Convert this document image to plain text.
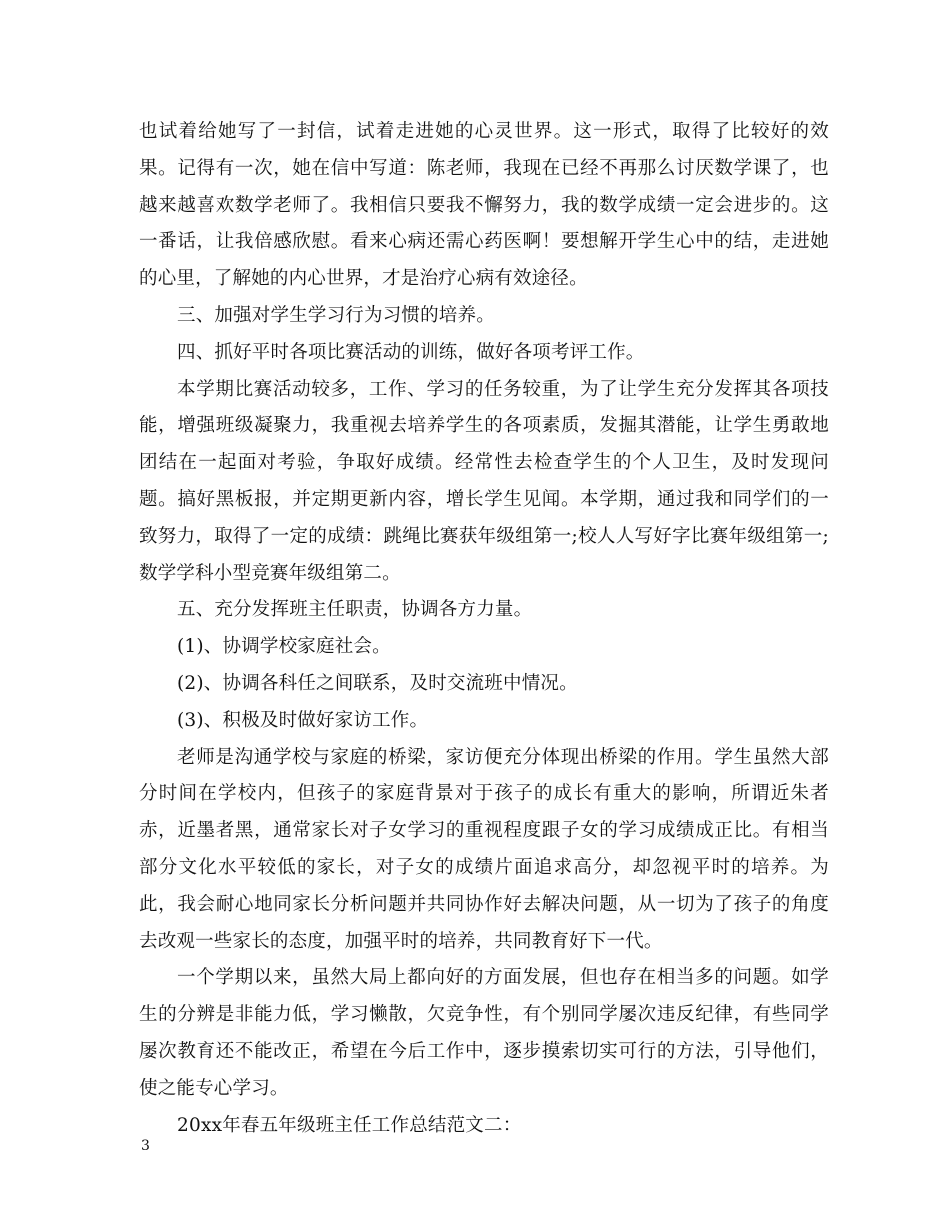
也试着给她写了一封信，试着走进她的心灵世界。这一形式，取得了比较好的效果。记得有一次，她在信中写道：陈老师，我现在已经不再那么讨厌数学课了，也越来越喜欢数学老师了。我相信只要我不懈努力，我的数学成绩一定会进步的。这一番话，让我倍感欣慰。看来心病还需心药医啊！要想解开学生心中的结，走进她的心里，了解她的内心世界，才是治疗心病有效途径。

三、加强对学生学习行为习惯的培养。

四、抓好平时各项比赛活动的训练，做好各项考评工作。

本学期比赛活动较多，工作、学习的任务较重，为了让学生充分发挥其各项技能，增强班级凝聚力，我重视去培养学生的各项素质，发掘其潜能，让学生勇敢地团结在一起面对考验，争取好成绩。经常性去检查学生的个人卫生，及时发现问题。搞好黑板报，并定期更新内容，增长学生见闻。本学期，通过我和同学们的一致努力，取得了一定的成绩：跳绳比赛获年级组第一;校人人写好字比赛年级组第一;数学学科小型竞赛年级组第二。

五、充分发挥班主任职责，协调各方力量。

(1)、协调学校家庭社会。

(2)、协调各科任之间联系，及时交流班中情况。

(3)、积极及时做好家访工作。

老师是沟通学校与家庭的桥梁，家访便充分体现出桥梁的作用。学生虽然大部分时间在学校内，但孩子的家庭背景对于孩子的成长有重大的影响，所谓近朱者赤，近墨者黑，通常家长对子女学习的重视程度跟子女的学习成绩成正比。有相当部分文化水平较低的家长，对子女的成绩片面追求高分，却忽视平时的培养。为此，我会耐心地同家长分析问题并共同协作好去解决问题，从一切为了孩子的角度去改观一些家长的态度，加强平时的培养，共同教育好下一代。

一个学期以来，虽然大局上都向好的方面发展，但也存在相当多的问题。如学生的分辨是非能力低，学习懒散，欠竞争性，有个别同学屡次违反纪律，有些同学屡次教育还不能改正，希望在今后工作中，逐步摸索切实可行的方法，引导他们，使之能专心学习。

20xx年春五年级班主任工作总结范文二：

3
